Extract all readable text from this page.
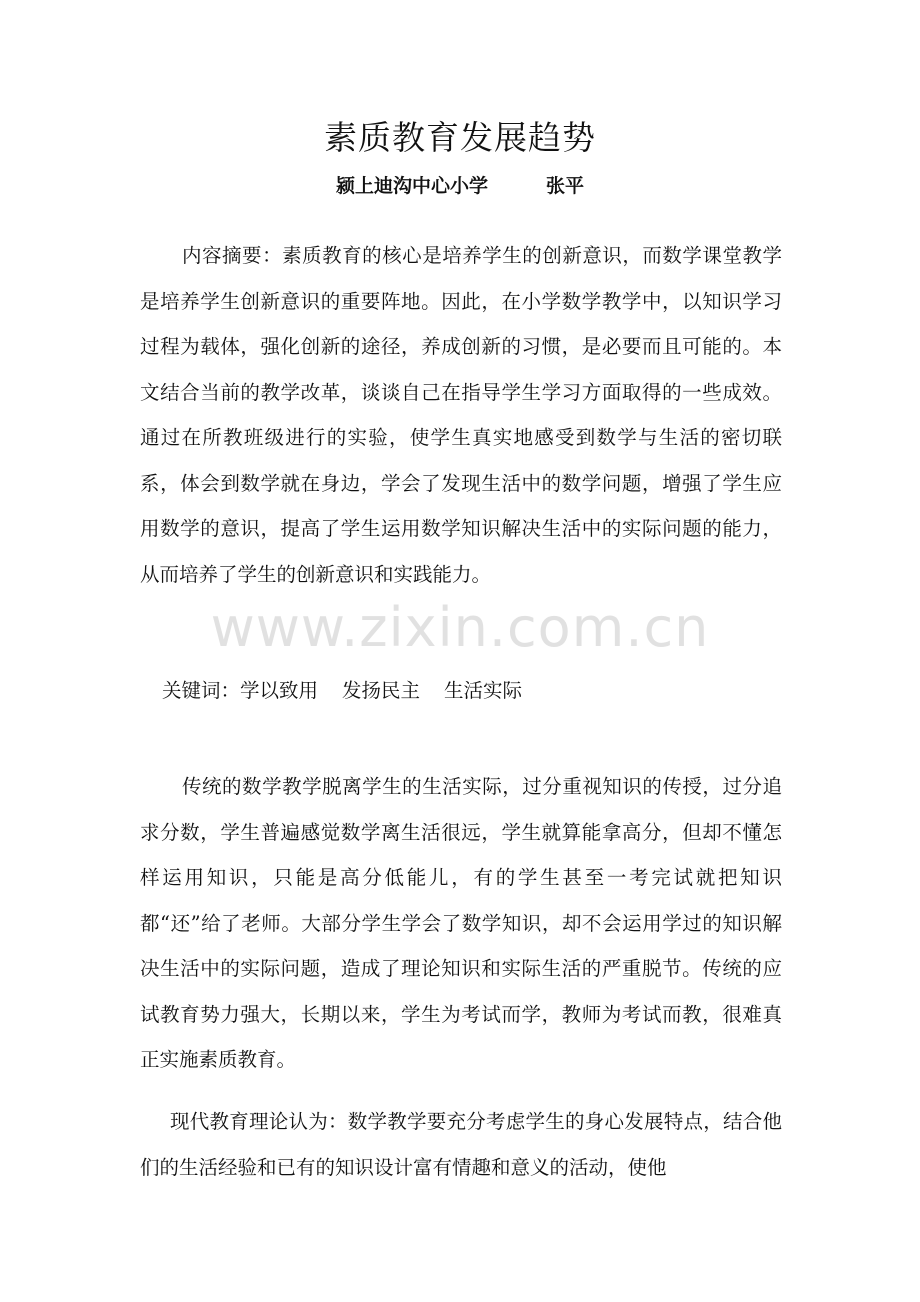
素质教育发展趋势
颍上迪沟中心小学	张平
内容摘要：素质教育的核心是培养学生的创新意识，而数学课堂教学是培养学生创新意识的重要阵地。因此，在小学数学教学中，以知识学习过程为载体，强化创新的途径，养成创新的习惯，是必要而且可能的。本文结合当前的教学改革，谈谈自己在指导学生学习方面取得的一些成效。通过在所教班级进行的实验，使学生真实地感受到数学与生活的密切联系，体会到数学就在身边，学会了发现生活中的数学问题，增强了学生应用数学的意识，提高了学生运用数学知识解决生活中的实际问题的能力，从而培养了学生的创新意识和实践能力。
www.zixin.com.cn
关键词：学以致用 发扬民主 生活实际
传统的数学教学脱离学生的生活实际，过分重视知识的传授，过分追求分数，学生普遍感觉数学离生活很远，学生就算能拿高分，但却不懂怎样运用知识，只能是高分低能儿，有的学生甚至一考完试就把知识都“还”给了老师。大部分学生学会了数学知识，却不会运用学过的知识解决生活中的实际问题，造成了理论知识和实际生活的严重脱节。传统的应试教育势力强大，长期以来，学生为考试而学，教师为考试而教，很难真正实施素质教育。
现代教育理论认为：数学教学要充分考虑学生的身心发展特点，结合他们的生活经验和已有的知识设计富有情趣和意义的活动，使他
